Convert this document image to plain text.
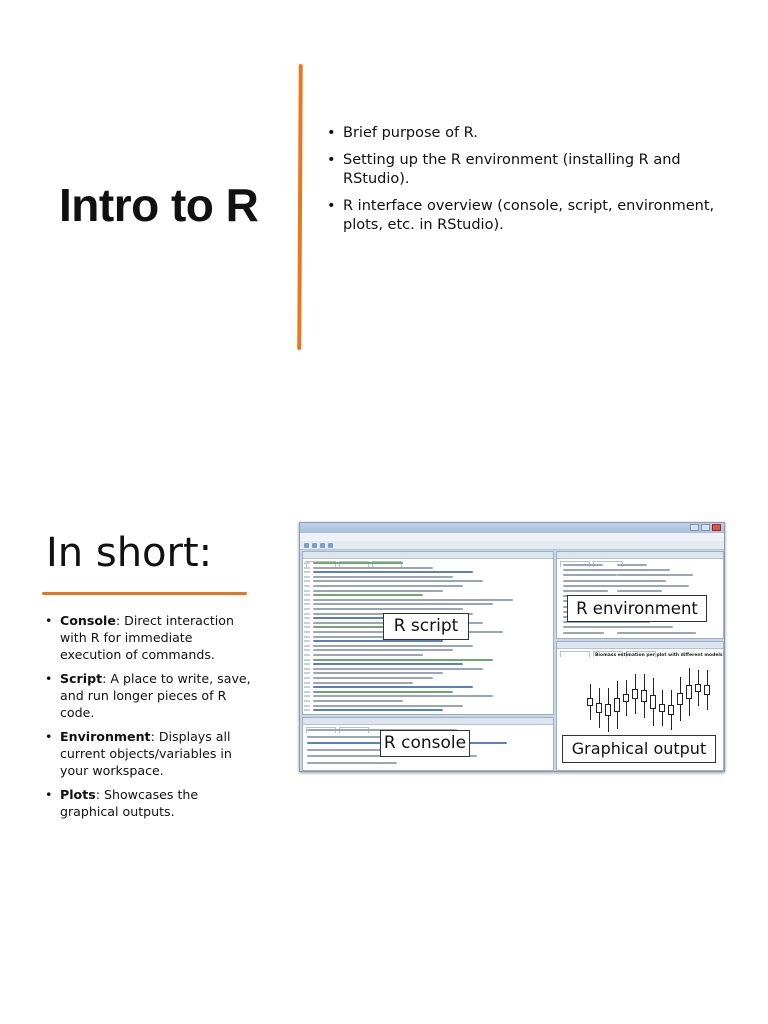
Intro to R
• Brief purpose of R.
• Setting up the R environment (installing R and RStudio).
• R interface overview (console, script, environment, plots, etc. in RStudio).
In short:
• Console: Direct interaction with R for immediate execution of commands.
• Script: A place to write, save, and run longer pieces of R code.
• Environment: Displays all current objects/variables in your workspace.
• Plots: Showcases the graphical outputs.
Biomass estimation per plot with different models
R script
R environment
R console	Graphical output
